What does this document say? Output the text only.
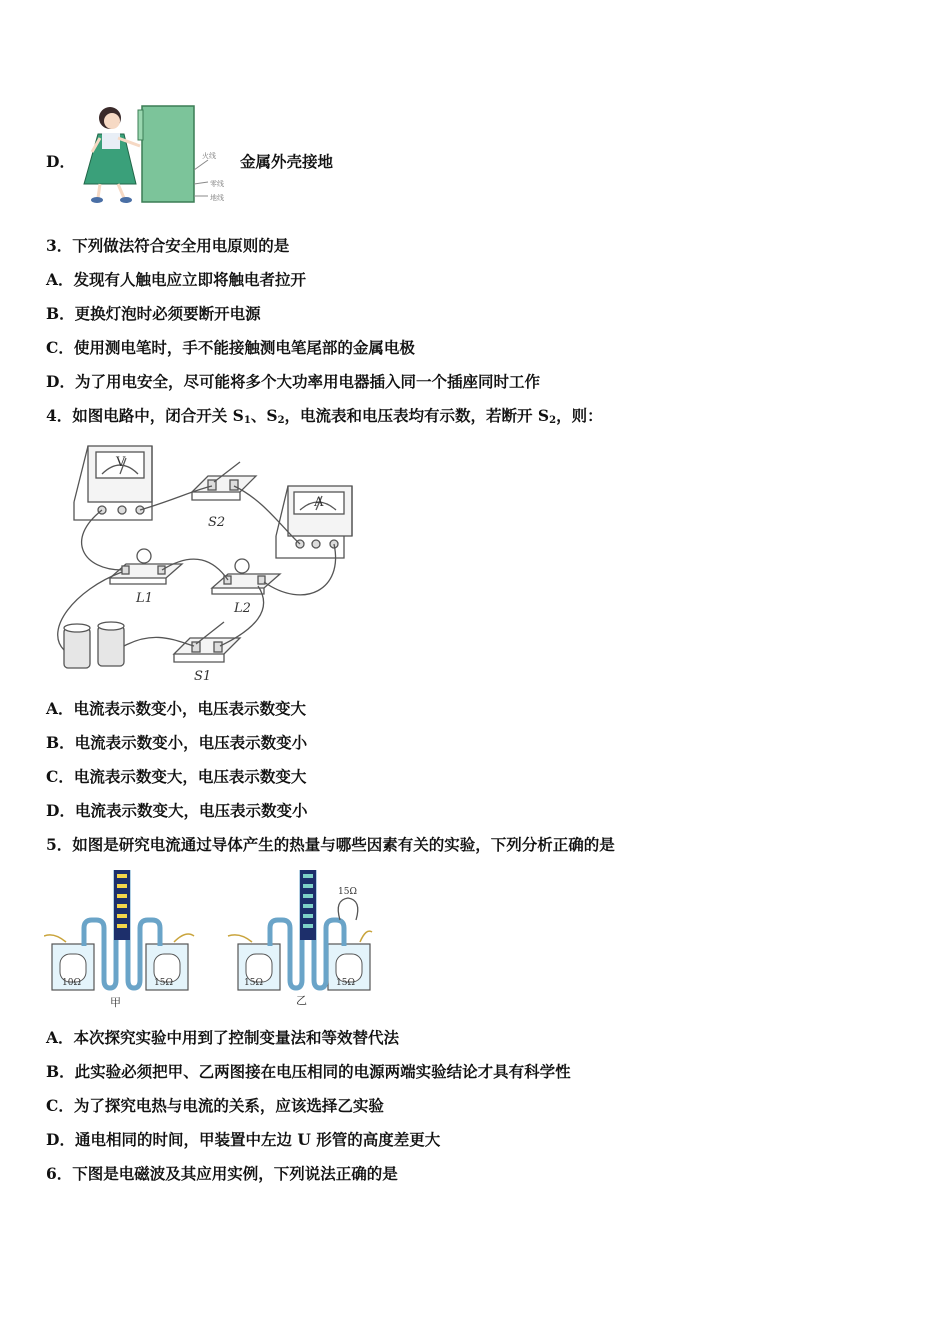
D．	火线
零线
地线
金属外壳接地
3．下列做法符合安全用电原则的是
A．发现有人触电应立即将触电者拉开
B．更换灯泡时必须要断开电源
C．使用测电笔时，手不能接触测电笔尾部的金属电极
D．为了用电安全，尽可能将多个大功率用电器插入同一个插座同时工作
4．如图电路中，闭合开关 $S_1$、$S_2$，电流表和电压表均有示数，若断开 $S_2$，则：
V
A
S2
L1
L2
S1
A．电流表示数变小，电压表示数变大
B．电流表示数变小，电压表示数变小
C．电流表示数变大，电压表示数变大
D．电流表示数变大，电压表示数变小
5．如图是研究电流通过导体产生的热量与哪些因素有关的实验，下列分析正确的是
10Ω	15Ω	15Ω	15Ω
15Ω
甲	乙
A．本次探究实验中用到了控制变量法和等效替代法
B．此实验必须把甲、乙两图接在电压相同的电源两端实验结论才具有科学性
C．为了探究电热与电流的关系，应该选择乙实验
D．通电相同的时间，甲装置中左边 U 形管的高度差更大
6．下图是电磁波及其应用实例，下列说法正确的是
